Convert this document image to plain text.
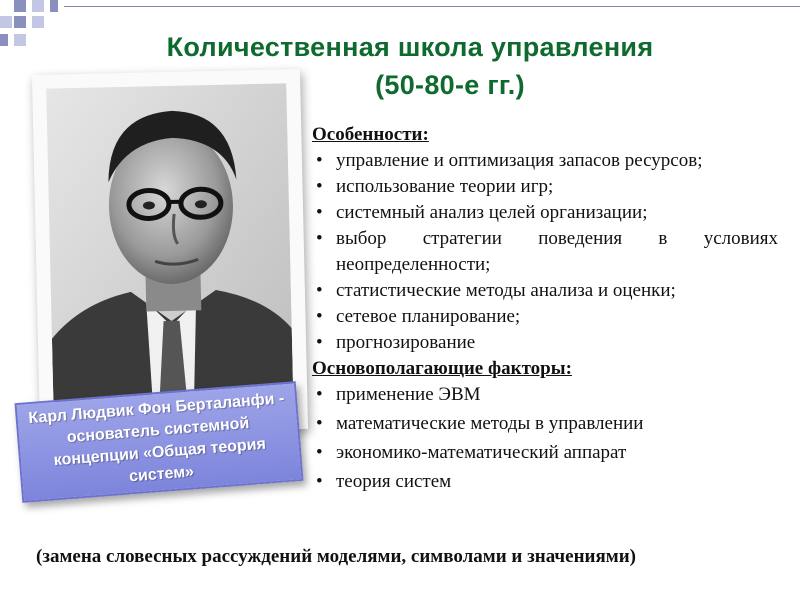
Количественная школа управления
(50-80-е гг.)
Карл Людвик Фон Берталанфи - основатель системной концепции «Общая теория систем»
Особенности:
• управление и оптимизация запасов ресурсов;
• использование теории игр;
• системный анализ целей организации;
• выбор стратегии поведения в условиях неопределенности;
• статистические методы анализа и оценки;
• сетевое планирование;
• прогнозирование
Основополагающие факторы:
• применение ЭВМ
• математические методы в управлении
• экономико-математический аппарат
• теория систем
(замена словесных рассуждений моделями, символами и значениями)
